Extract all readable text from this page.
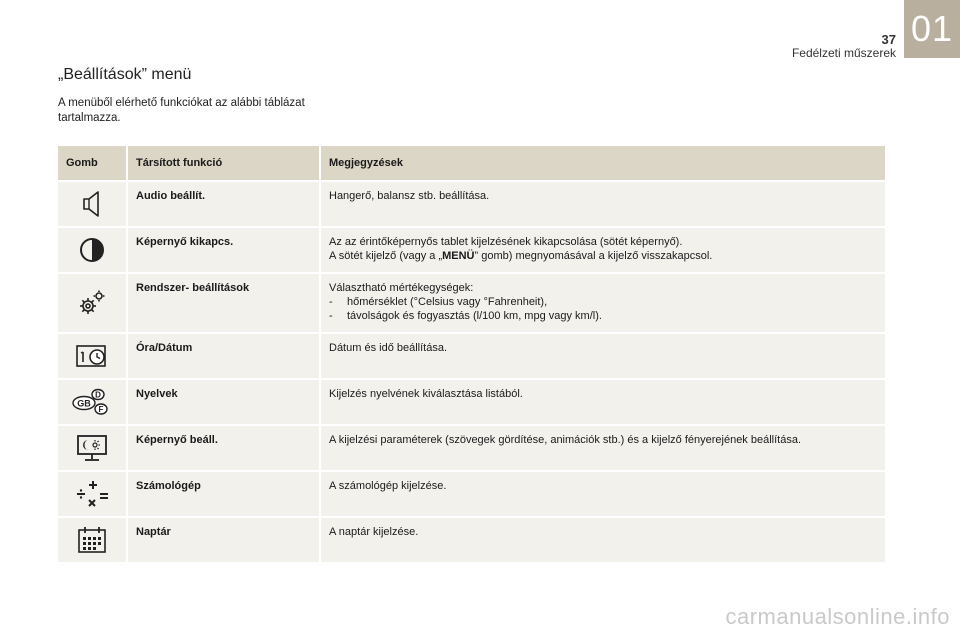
37
Fedélzeti műszerek
01
„Beállítások” menü
A menüből elérhető funkciókat az alábbi táblázat tartalmazza.
Gomb	Társított funkció	Megjegyzések

	Audio beállít.	Hangerő, balansz stb. beállítása.

	Képernyő kikapcs.	Az az érintőképernyős tablet kijelzésének kikapcsolása (sötét képernyő).
A sötét kijelző (vagy a „MENÜ” gomb) megnyomásával a kijelző visszakapcsol.

	Rendszer- beállítások	Választható mértékegységek:
- hőmérséklet (°Celsius vagy °Fahrenheit),
- távolságok és fogyasztás (l/100 km, mpg vagy km/l).

	Óra/Dátum	Dátum és idő beállítása.

GB
D
F	Nyelvek	Kijelzés nyelvének kiválasztása listából.

	Képernyő beáll.	A kijelzési paraméterek (szövegek gördítése, animációk stb.) és a kijelző fényerejének beállítása.

	Számológép	A számológép kijelzése.

	Naptár	A naptár kijelzése.
carmanualsonline.info
